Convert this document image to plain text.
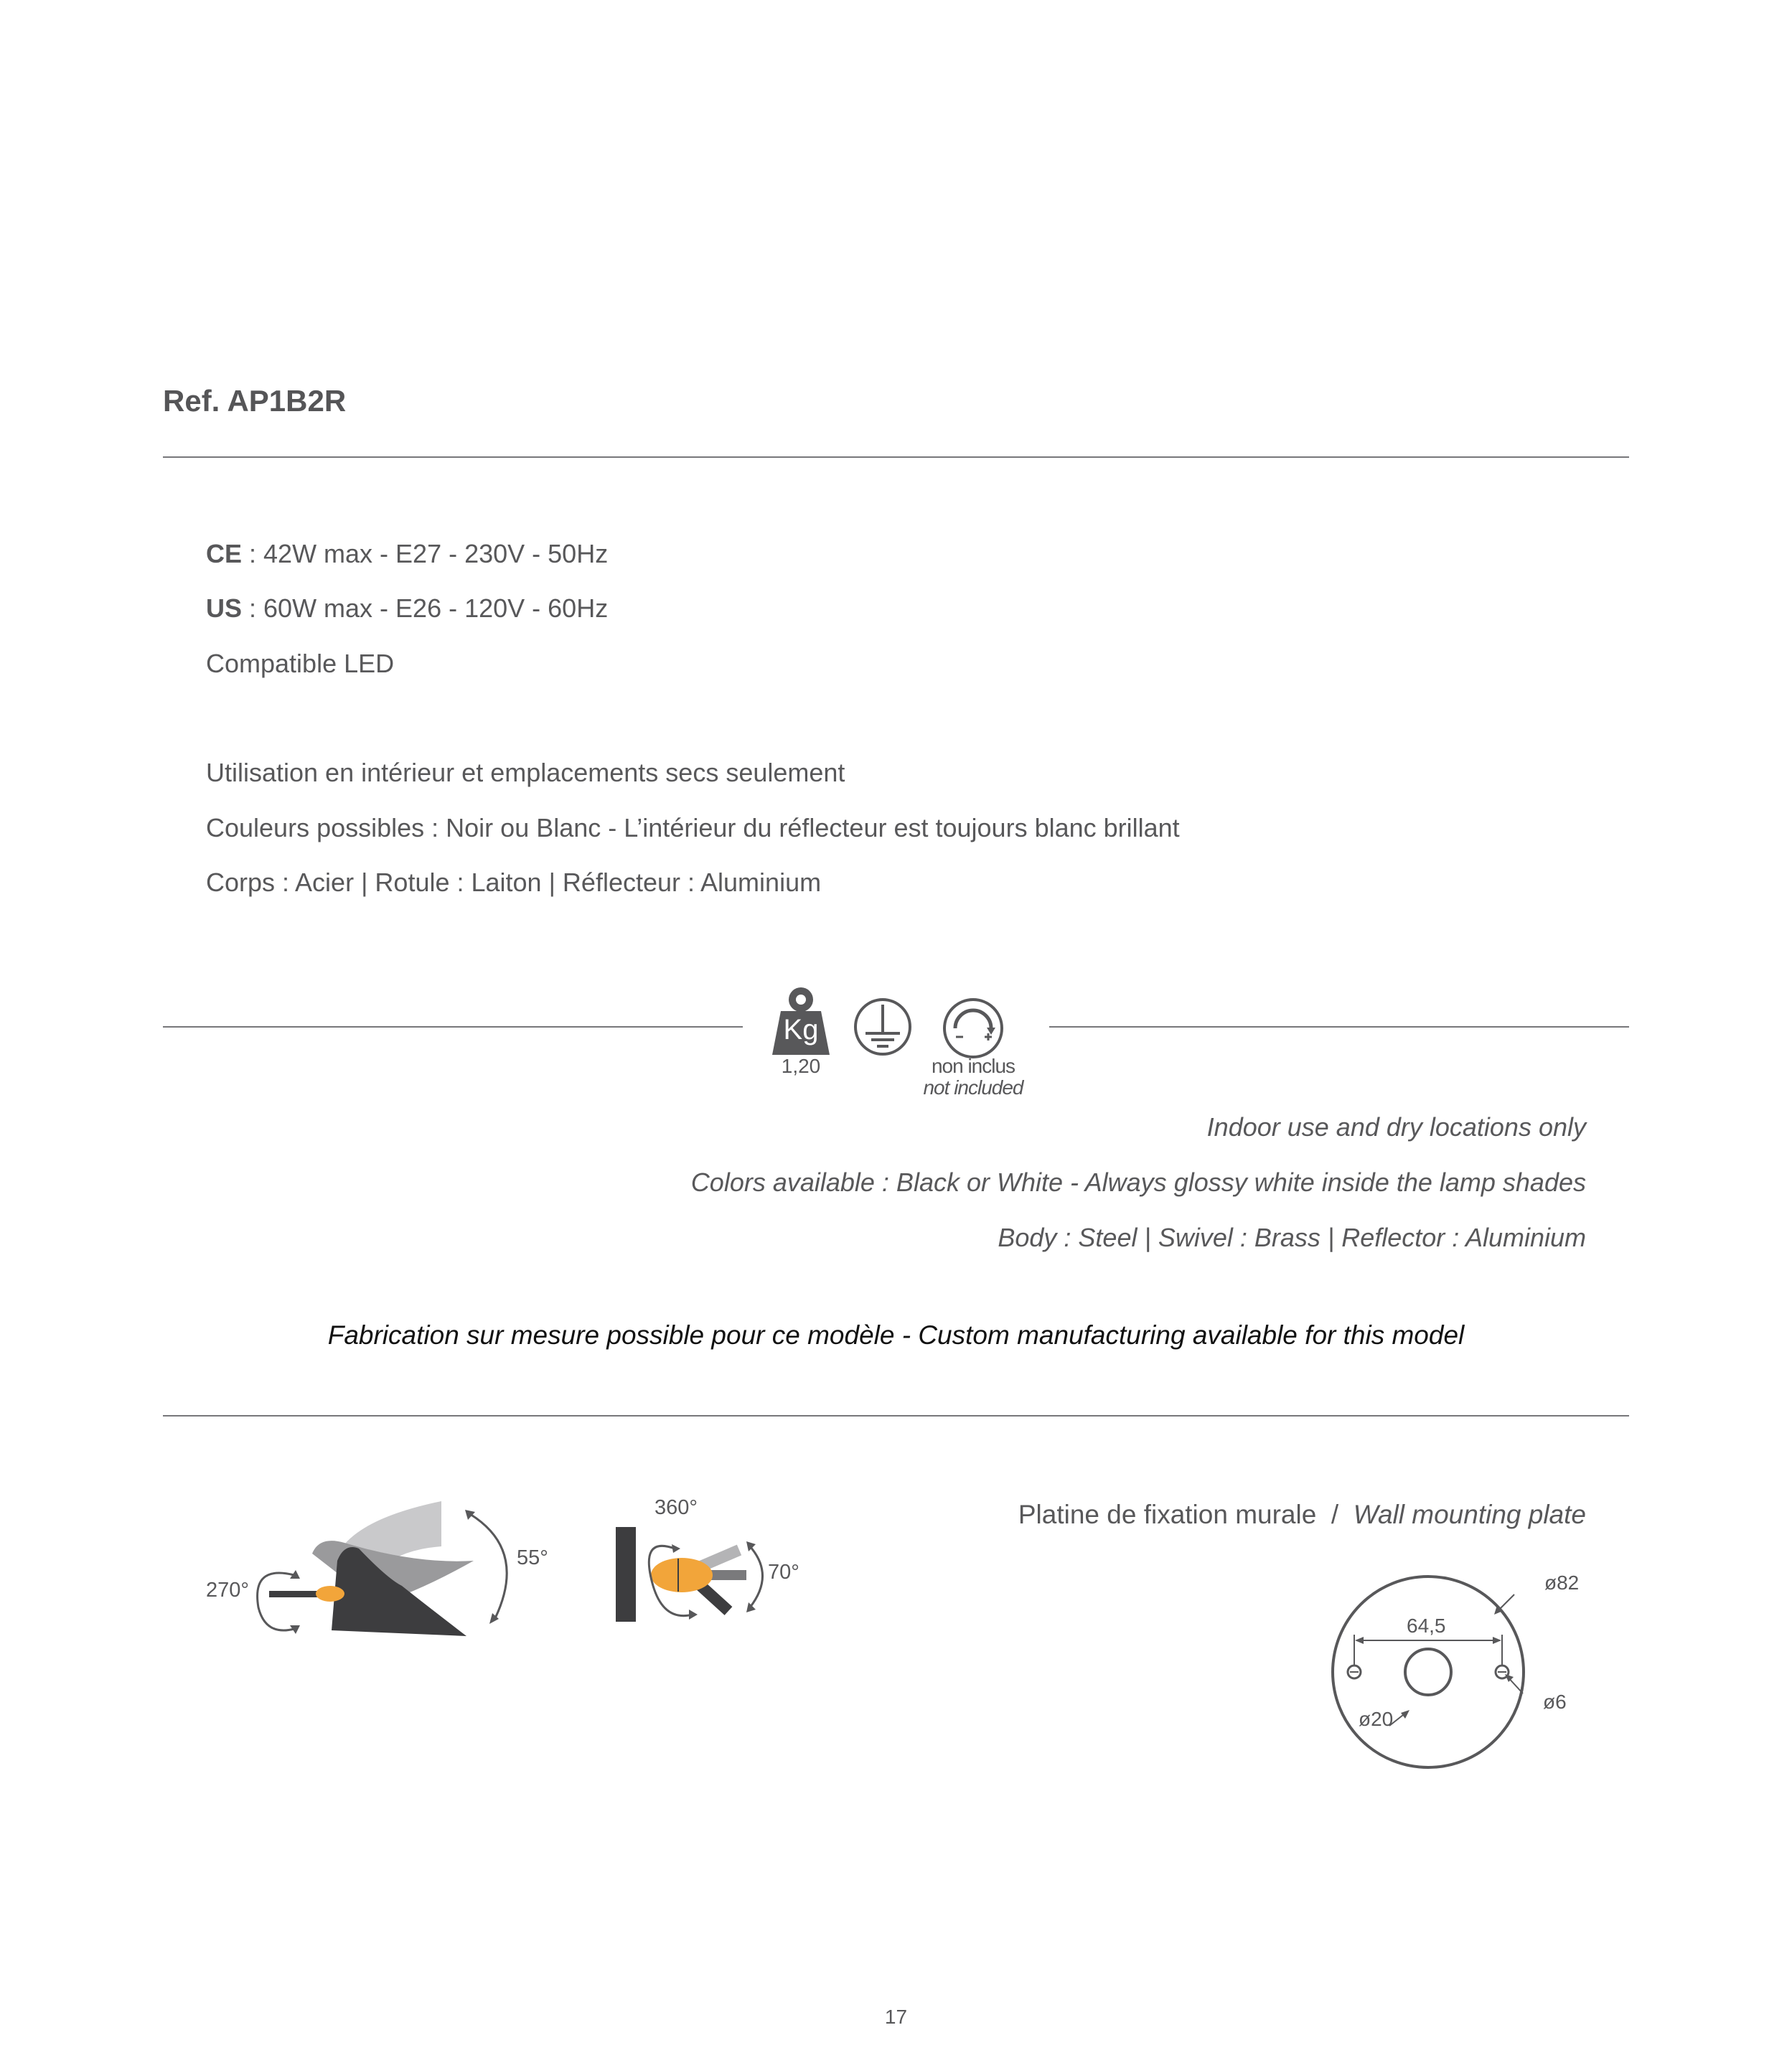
Ref. AP1B2R
CE : 42W max - E27 - 230V - 50Hz
US : 60W max - E26 - 120V - 60Hz
Compatible LED
Utilisation en intérieur et emplacements secs seulement
Couleurs possibles : Noir ou Blanc - L’intérieur du réflecteur est toujours blanc brillant
Corps : Acier | Rotule : Laiton | Réflecteur : Aluminium
Kg
1,20	non inclus
not included
Indoor use and dry locations only
Colors available : Black or White - Always glossy white inside the lamp shades
Body : Steel | Swivel : Brass | Reflector : Aluminium
Fabrication sur mesure possible pour ce modèle - Custom manufacturing available for this model
270°
55°
360°
70°
Platine de fixation murale  /  Wall mounting plate
ø82
64,5
ø6
ø20
17
